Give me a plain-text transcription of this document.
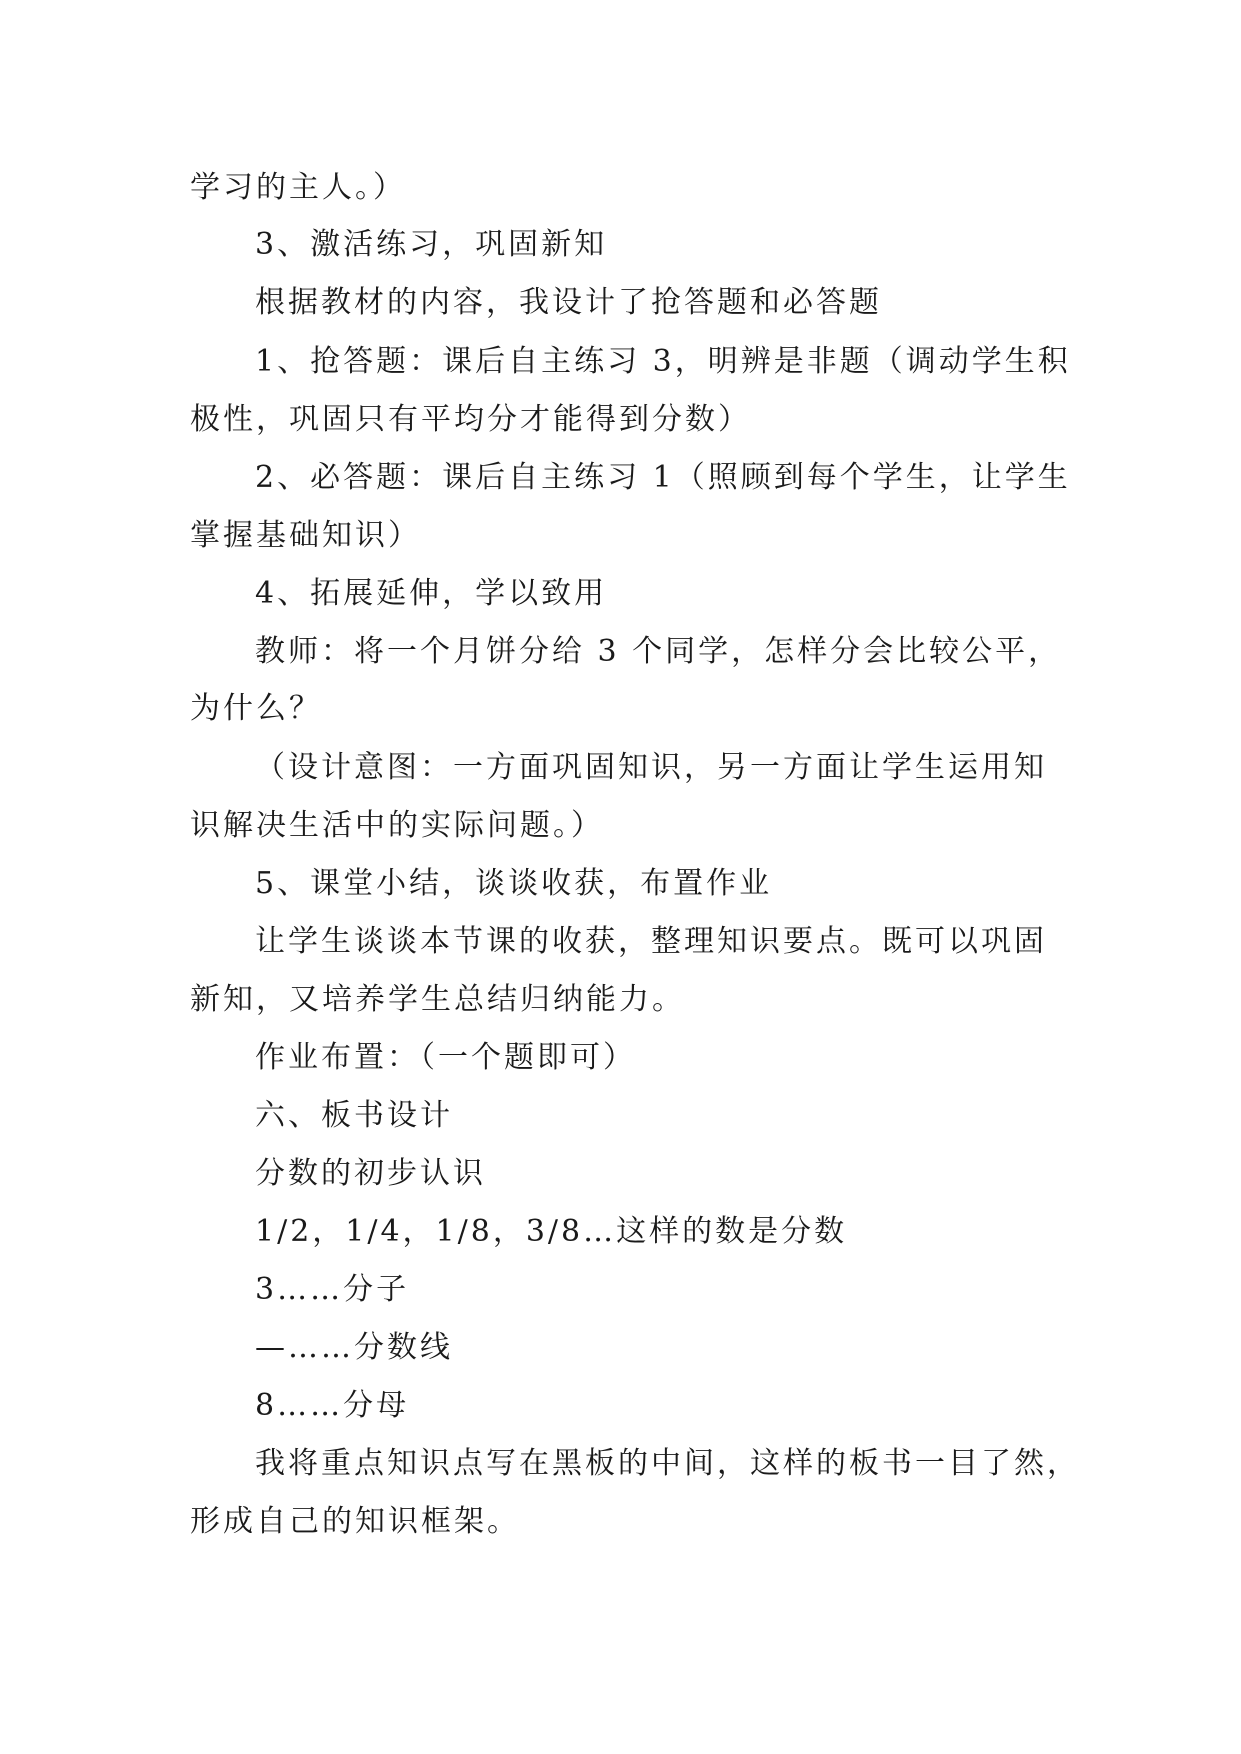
学习的主人。）
3、激活练习，巩固新知
根据教材的内容，我设计了抢答题和必答题
1、抢答题：课后自主练习 3，明辨是非题（调动学生积
极性，巩固只有平均分才能得到分数）
2、必答题：课后自主练习 1（照顾到每个学生，让学生
掌握基础知识）
4、拓展延伸，学以致用
教师：将一个月饼分给 3 个同学，怎样分会比较公平，
为什么？
（设计意图：一方面巩固知识，另一方面让学生运用知
识解决生活中的实际问题。）
5、课堂小结，谈谈收获，布置作业
让学生谈谈本节课的收获，整理知识要点。既可以巩固
新知，又培养学生总结归纳能力。
作业布置：（一个题即可）
六、板书设计
分数的初步认识
1/2，1/4，1/8，3/8…这样的数是分数
3……分子
—……分数线
8……分母
我将重点知识点写在黑板的中间，这样的板书一目了然，
形成自己的知识框架。
